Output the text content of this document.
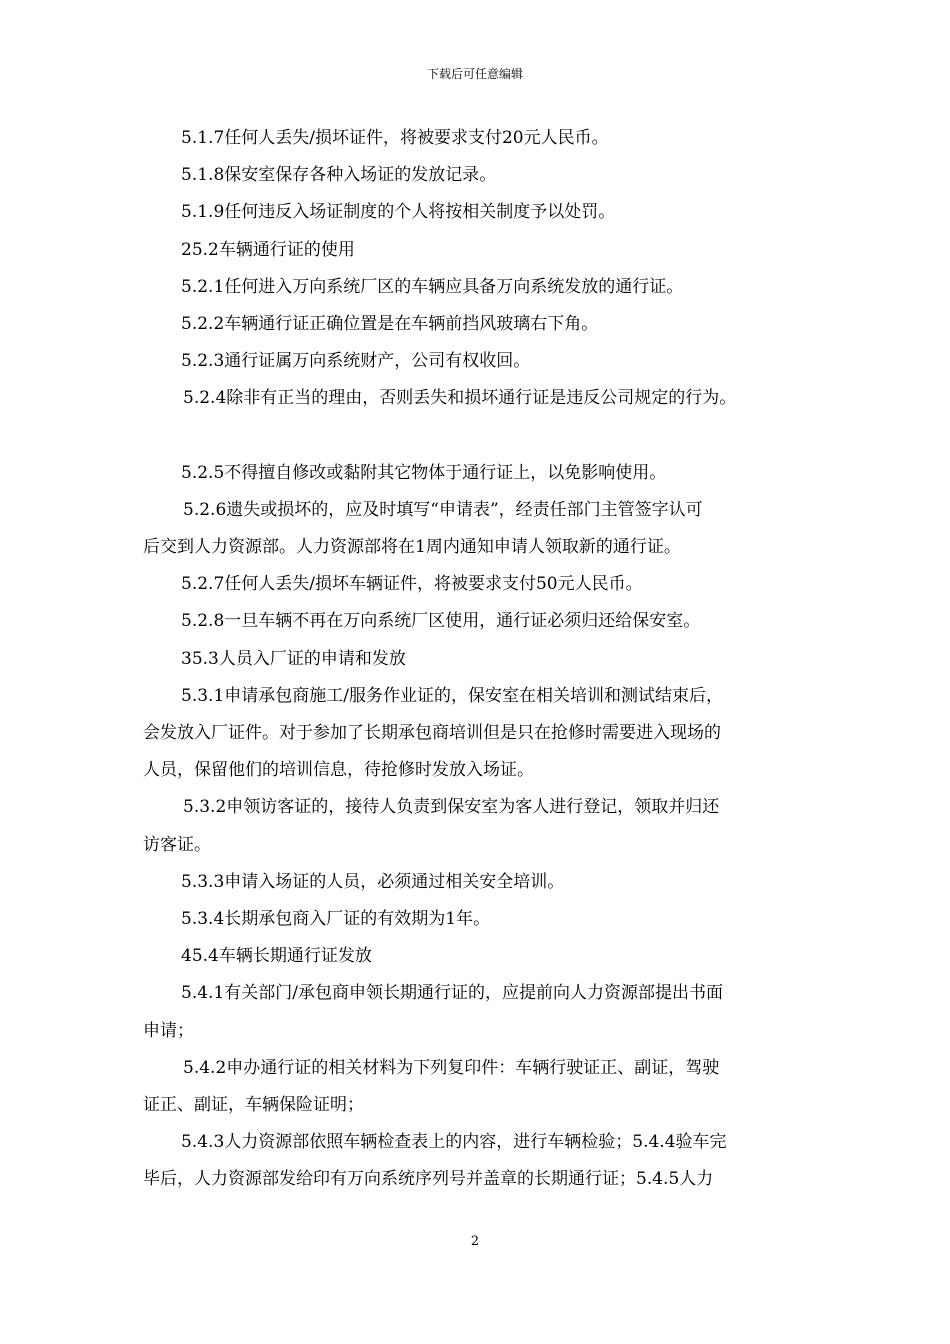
下载后可任意编辑

5.1.7任何人丢失/损坏证件，将被要求支付20元人民币。

5.1.8保安室保存各种入场证的发放记录。

5.1.9任何违反入场证制度的个人将按相关制度予以处罚。

25.2车辆通行证的使用

5.2.1任何进入万向系统厂区的车辆应具备万向系统发放的通行证。

5.2.2车辆通行证正确位置是在车辆前挡风玻璃右下角。

5.2.3通行证属万向系统财产，公司有权收回。

5.2.4除非有正当的理由，否则丢失和损坏通行证是违反公司规定的行为。

5.2.5不得擅自修改或黏附其它物体于通行证上，以免影响使用。

5.2.6遗失或损坏的，应及时填写“申请表”，经责任部门主管签字认可
后交到人力资源部。人力资源部将在1周内通知申请人领取新的通行证。

5.2.7任何人丢失/损坏车辆证件，将被要求支付50元人民币。

5.2.8一旦车辆不再在万向系统厂区使用，通行证必须归还给保安室。

35.3人员入厂证的申请和发放

5.3.1申请承包商施工/服务作业证的，保安室在相关培训和测试结束后，
会发放入厂证件。对于参加了长期承包商培训但是只在抢修时需要进入现场的
人员，保留他们的培训信息，待抢修时发放入场证。

5.3.2申领访客证的，接待人负责到保安室为客人进行登记，领取并归还
访客证。

5.3.3申请入场证的人员，必须通过相关安全培训。

5.3.4长期承包商入厂证的有效期为1年。

45.4车辆长期通行证发放

5.4.1有关部门/承包商申领长期通行证的，应提前向人力资源部提出书面
申请；

5.4.2申办通行证的相关材料为下列复印件：车辆行驶证正、副证，驾驶
证正、副证，车辆保险证明；

5.4.3人力资源部依照车辆检查表上的内容，进行车辆检验；5.4.4验车完
毕后，人力资源部发给印有万向系统序列号并盖章的长期通行证；5.4.5人力

2
